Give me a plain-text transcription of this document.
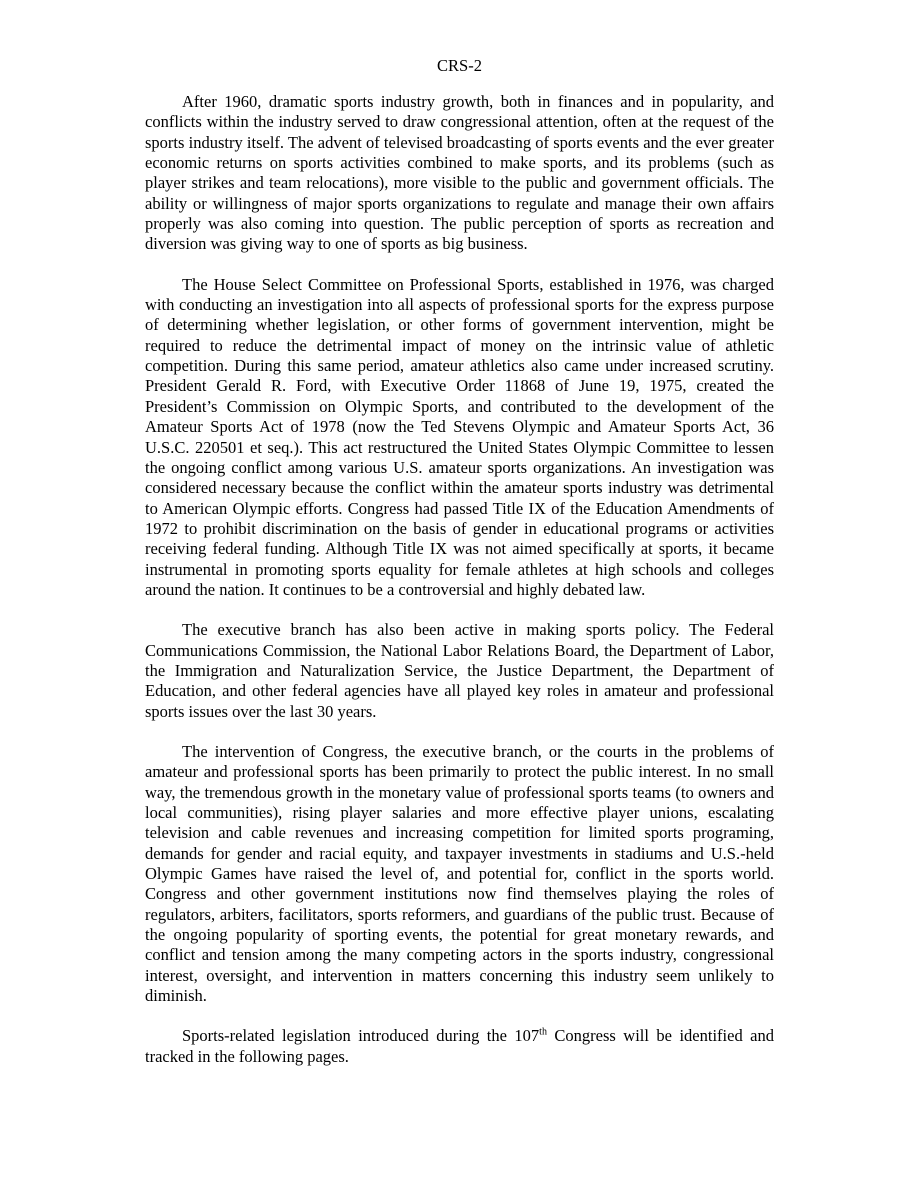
CRS-2

After 1960, dramatic sports industry growth, both in finances and in popularity, and conflicts within the industry served to draw congressional attention, often at the request of the sports industry itself. The advent of televised broadcasting of sports events and the ever greater economic returns on sports activities combined to make sports, and its problems (such as player strikes and team relocations), more visible to the public and government officials. The ability or willingness of major sports organizations to regulate and manage their own affairs properly was also coming into question. The public perception of sports as recreation and diversion was giving way to one of sports as big business.

The House Select Committee on Professional Sports, established in 1976, was charged with conducting an investigation into all aspects of professional sports for the express purpose of determining whether legislation, or other forms of government intervention, might be required to reduce the detrimental impact of money on the intrinsic value of athletic competition. During this same period, amateur athletics also came under increased scrutiny. President Gerald R. Ford, with Executive Order 11868 of June 19, 1975, created the President’s Commission on Olympic Sports, and contributed to the development of the Amateur Sports Act of 1978 (now the Ted Stevens Olympic and Amateur Sports Act, 36 U.S.C. 220501 et seq.). This act restructured the United States Olympic Committee to lessen the ongoing conflict among various U.S. amateur sports organizations. An investigation was considered necessary because the conflict within the amateur sports industry was detrimental to American Olympic efforts. Congress had passed Title IX of the Education Amendments of 1972 to prohibit discrimination on the basis of gender in educational programs or activities receiving federal funding. Although Title IX was not aimed specifically at sports, it became instrumental in promoting sports equality for female athletes at high schools and colleges around the nation. It continues to be a controversial and highly debated law.

The executive branch has also been active in making sports policy. The Federal Communications Commission, the National Labor Relations Board, the Department of Labor, the Immigration and Naturalization Service, the Justice Department, the Department of Education, and other federal agencies have all played key roles in amateur and professional sports issues over the last 30 years.

The intervention of Congress, the executive branch, or the courts in the problems of amateur and professional sports has been primarily to protect the public interest. In no small way, the tremendous growth in the monetary value of professional sports teams (to owners and local communities), rising player salaries and more effective player unions, escalating television and cable revenues and increasing competition for limited sports programing, demands for gender and racial equity, and taxpayer investments in stadiums and U.S.-held Olympic Games have raised the level of, and potential for, conflict in the sports world. Congress and other government institutions now find themselves playing the roles of regulators, arbiters, facilitators, sports reformers, and guardians of the public trust. Because of the ongoing popularity of sporting events, the potential for great monetary rewards, and conflict and tension among the many competing actors in the sports industry, congressional interest, oversight, and intervention in matters concerning this industry seem unlikely to diminish.

Sports-related legislation introduced during the 107th Congress will be identified and tracked in the following pages.
